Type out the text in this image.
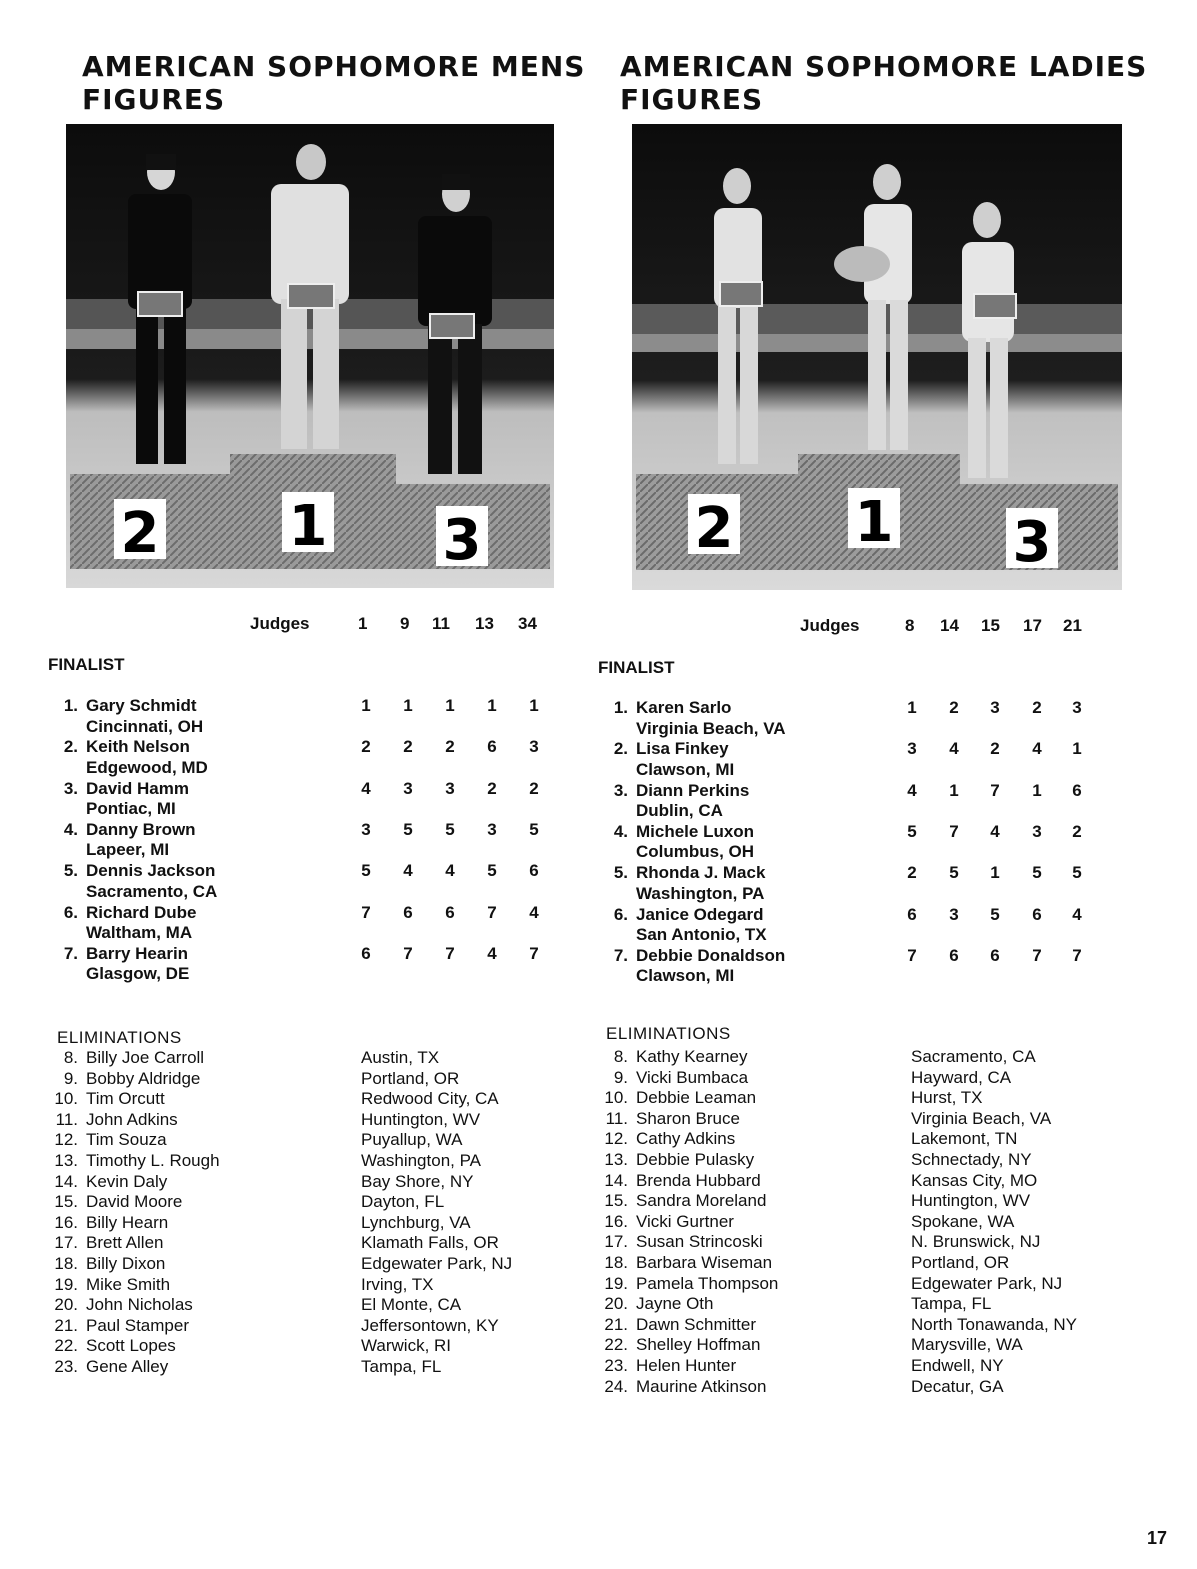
AMERICAN SOPHOMORE MENS
FIGURES
2 1 3
Judges	1 9 11 13 34
FINALIST
1. Gary Schmidt
Cincinnati, OH
1	1	1	1	1
2. Keith Nelson
Edgewood, MD
2	2	2	6	3
3. David Hamm
Pontiac, MI
4	3	3	2	2
4. Danny Brown
Lapeer, MI
3	5	5	3	5
5. Dennis Jackson
Sacramento, CA
5	4	4	5	6
6. Richard Dube
Waltham, MA
7	6	6	7	4
7. Barry Hearin
Glasgow, DE
6	7	7	4	7
ELIMINATIONS
8. Billy Joe Carroll	Austin, TX
9. Bobby Aldridge	Portland, OR
10. Tim Orcutt	Redwood City, CA
11. John Adkins	Huntington, WV
12. Tim Souza	Puyallup, WA
13. Timothy L. Rough	Washington, PA
14. Kevin Daly	Bay Shore, NY
15. David Moore	Dayton, FL
16. Billy Hearn	Lynchburg, VA
17. Brett Allen	Klamath Falls, OR
18. Billy Dixon	Edgewater Park, NJ
19. Mike Smith	Irving, TX
20. John Nicholas	El Monte, CA
21. Paul Stamper	Jeffersontown, KY
22. Scott Lopes	Warwick, RI
23. Gene Alley	Tampa, FL
AMERICAN SOPHOMORE LADIES
FIGURES
2 1 3
Judges	8 14 15 17 21
FINALIST
1. Karen Sarlo
Virginia Beach, VA
1	2	3	2	3
2. Lisa Finkey
Clawson, MI
3	4	2	4	1
3. Diann Perkins
Dublin, CA
4	1	7	1	6
4. Michele Luxon
Columbus, OH
5	7	4	3	2
5. Rhonda J. Mack
Washington, PA
2	5	1	5	5
6. Janice Odegard
San Antonio, TX
6	3	5	6	4
7. Debbie Donaldson
Clawson, MI
7	6	6	7	7
ELIMINATIONS
8. Kathy Kearney	Sacramento, CA
9. Vicki Bumbaca	Hayward, CA
10. Debbie Leaman	Hurst, TX
11. Sharon Bruce	Virginia Beach, VA
12. Cathy Adkins	Lakemont, TN
13. Debbie Pulasky	Schnectady, NY
14. Brenda Hubbard	Kansas City, MO
15. Sandra Moreland	Huntington, WV
16. Vicki Gurtner	Spokane, WA
17. Susan Strincoski	N. Brunswick, NJ
18. Barbara Wiseman	Portland, OR
19. Pamela Thompson	Edgewater Park, NJ
20. Jayne Oth	Tampa, FL
21. Dawn Schmitter	North Tonawanda, NY
22. Shelley Hoffman	Marysville, WA
23. Helen Hunter	Endwell, NY
24. Maurine Atkinson	Decatur, GA
17
